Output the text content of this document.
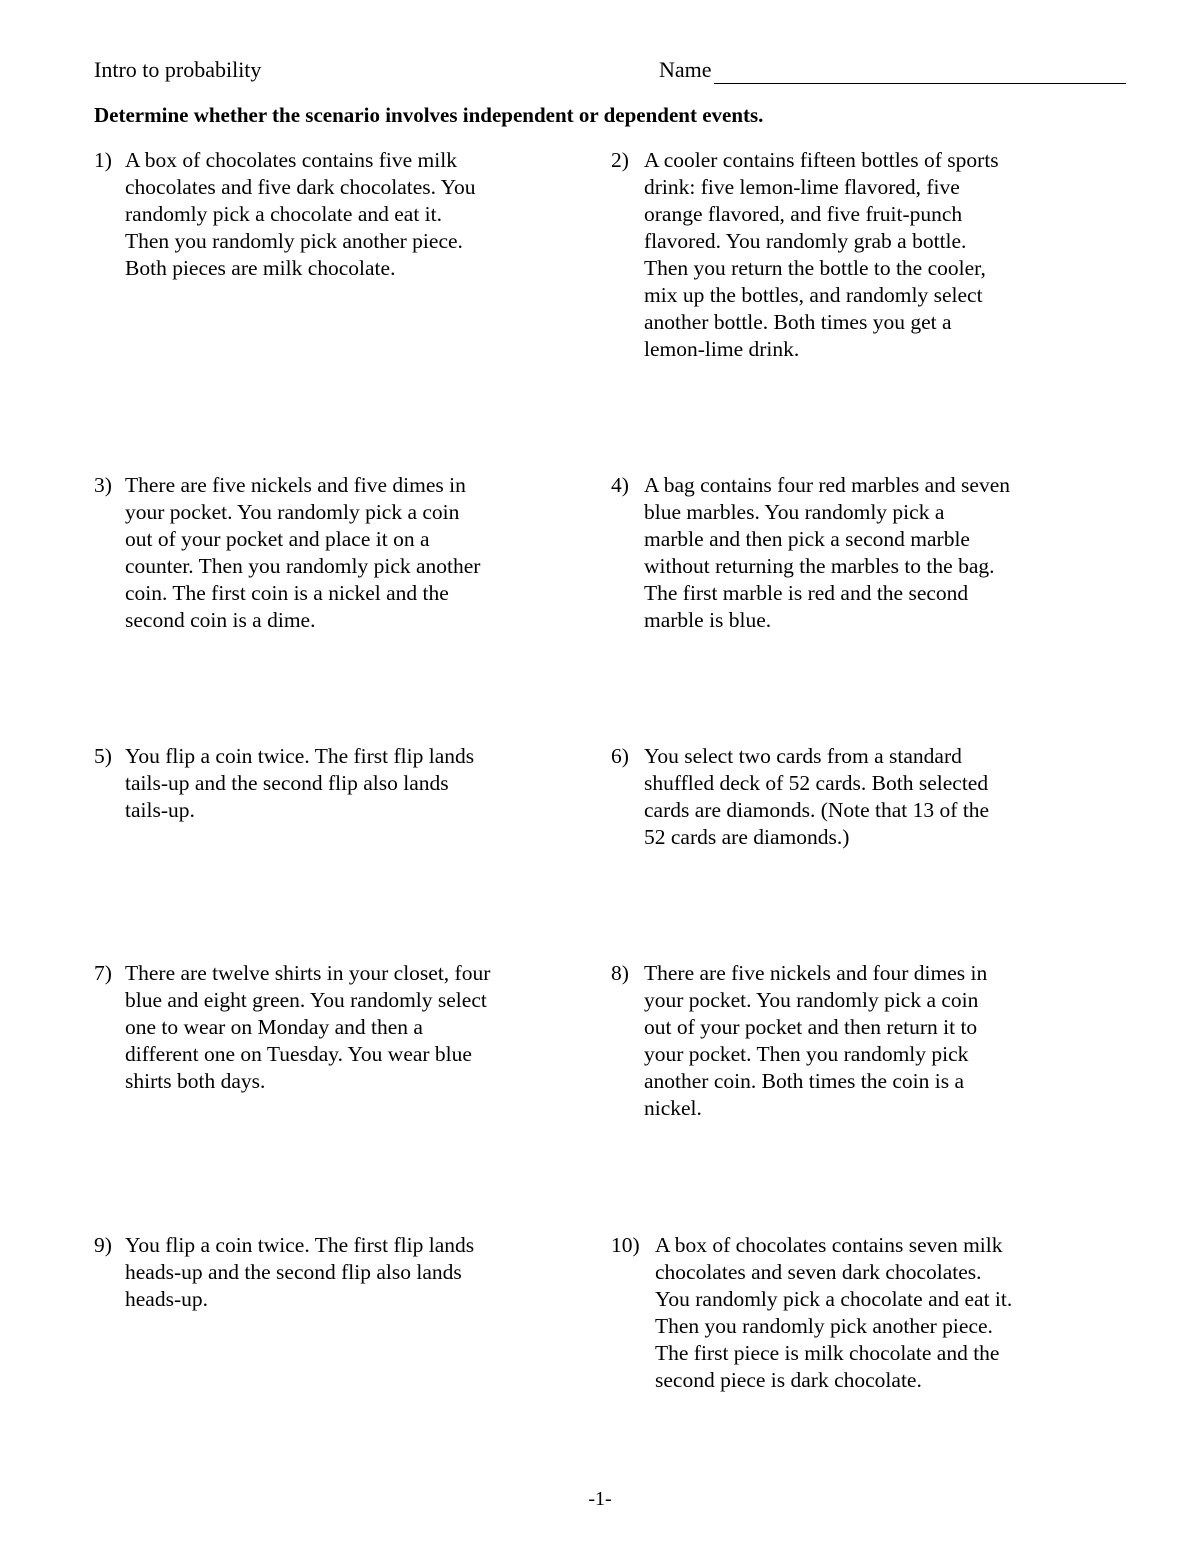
Intro to probability	Name
Determine whether the scenario involves independent or dependent events.
1) A box of chocolates contains five milk
chocolates and five dark chocolates. You
randomly pick a chocolate and eat it.
Then you randomly pick another piece.
Both pieces are milk chocolate.
2) A cooler contains fifteen bottles of sports
drink: five lemon-lime flavored, five
orange flavored, and five fruit-punch
flavored. You randomly grab a bottle.
Then you return the bottle to the cooler,
mix up the bottles, and randomly select
another bottle. Both times you get a
lemon-lime drink.
3) There are five nickels and five dimes in
your pocket. You randomly pick a coin
out of your pocket and place it on a
counter. Then you randomly pick another
coin. The first coin is a nickel and the
second coin is a dime.
4) A bag contains four red marbles and seven
blue marbles. You randomly pick a
marble and then pick a second marble
without returning the marbles to the bag.
The first marble is red and the second
marble is blue.
5) You flip a coin twice. The first flip lands
tails-up and the second flip also lands
tails-up.
6) You select two cards from a standard
shuffled deck of 52 cards. Both selected
cards are diamonds. (Note that 13 of the
52 cards are diamonds.)
7) There are twelve shirts in your closet, four
blue and eight green. You randomly select
one to wear on Monday and then a
different one on Tuesday. You wear blue
shirts both days.
8) There are five nickels and four dimes in
your pocket. You randomly pick a coin
out of your pocket and then return it to
your pocket. Then you randomly pick
another coin. Both times the coin is a
nickel.
9) You flip a coin twice. The first flip lands
heads-up and the second flip also lands
heads-up.
10) A box of chocolates contains seven milk
chocolates and seven dark chocolates.
You randomly pick a chocolate and eat it.
Then you randomly pick another piece.
The first piece is milk chocolate and the
second piece is dark chocolate.
-1-
